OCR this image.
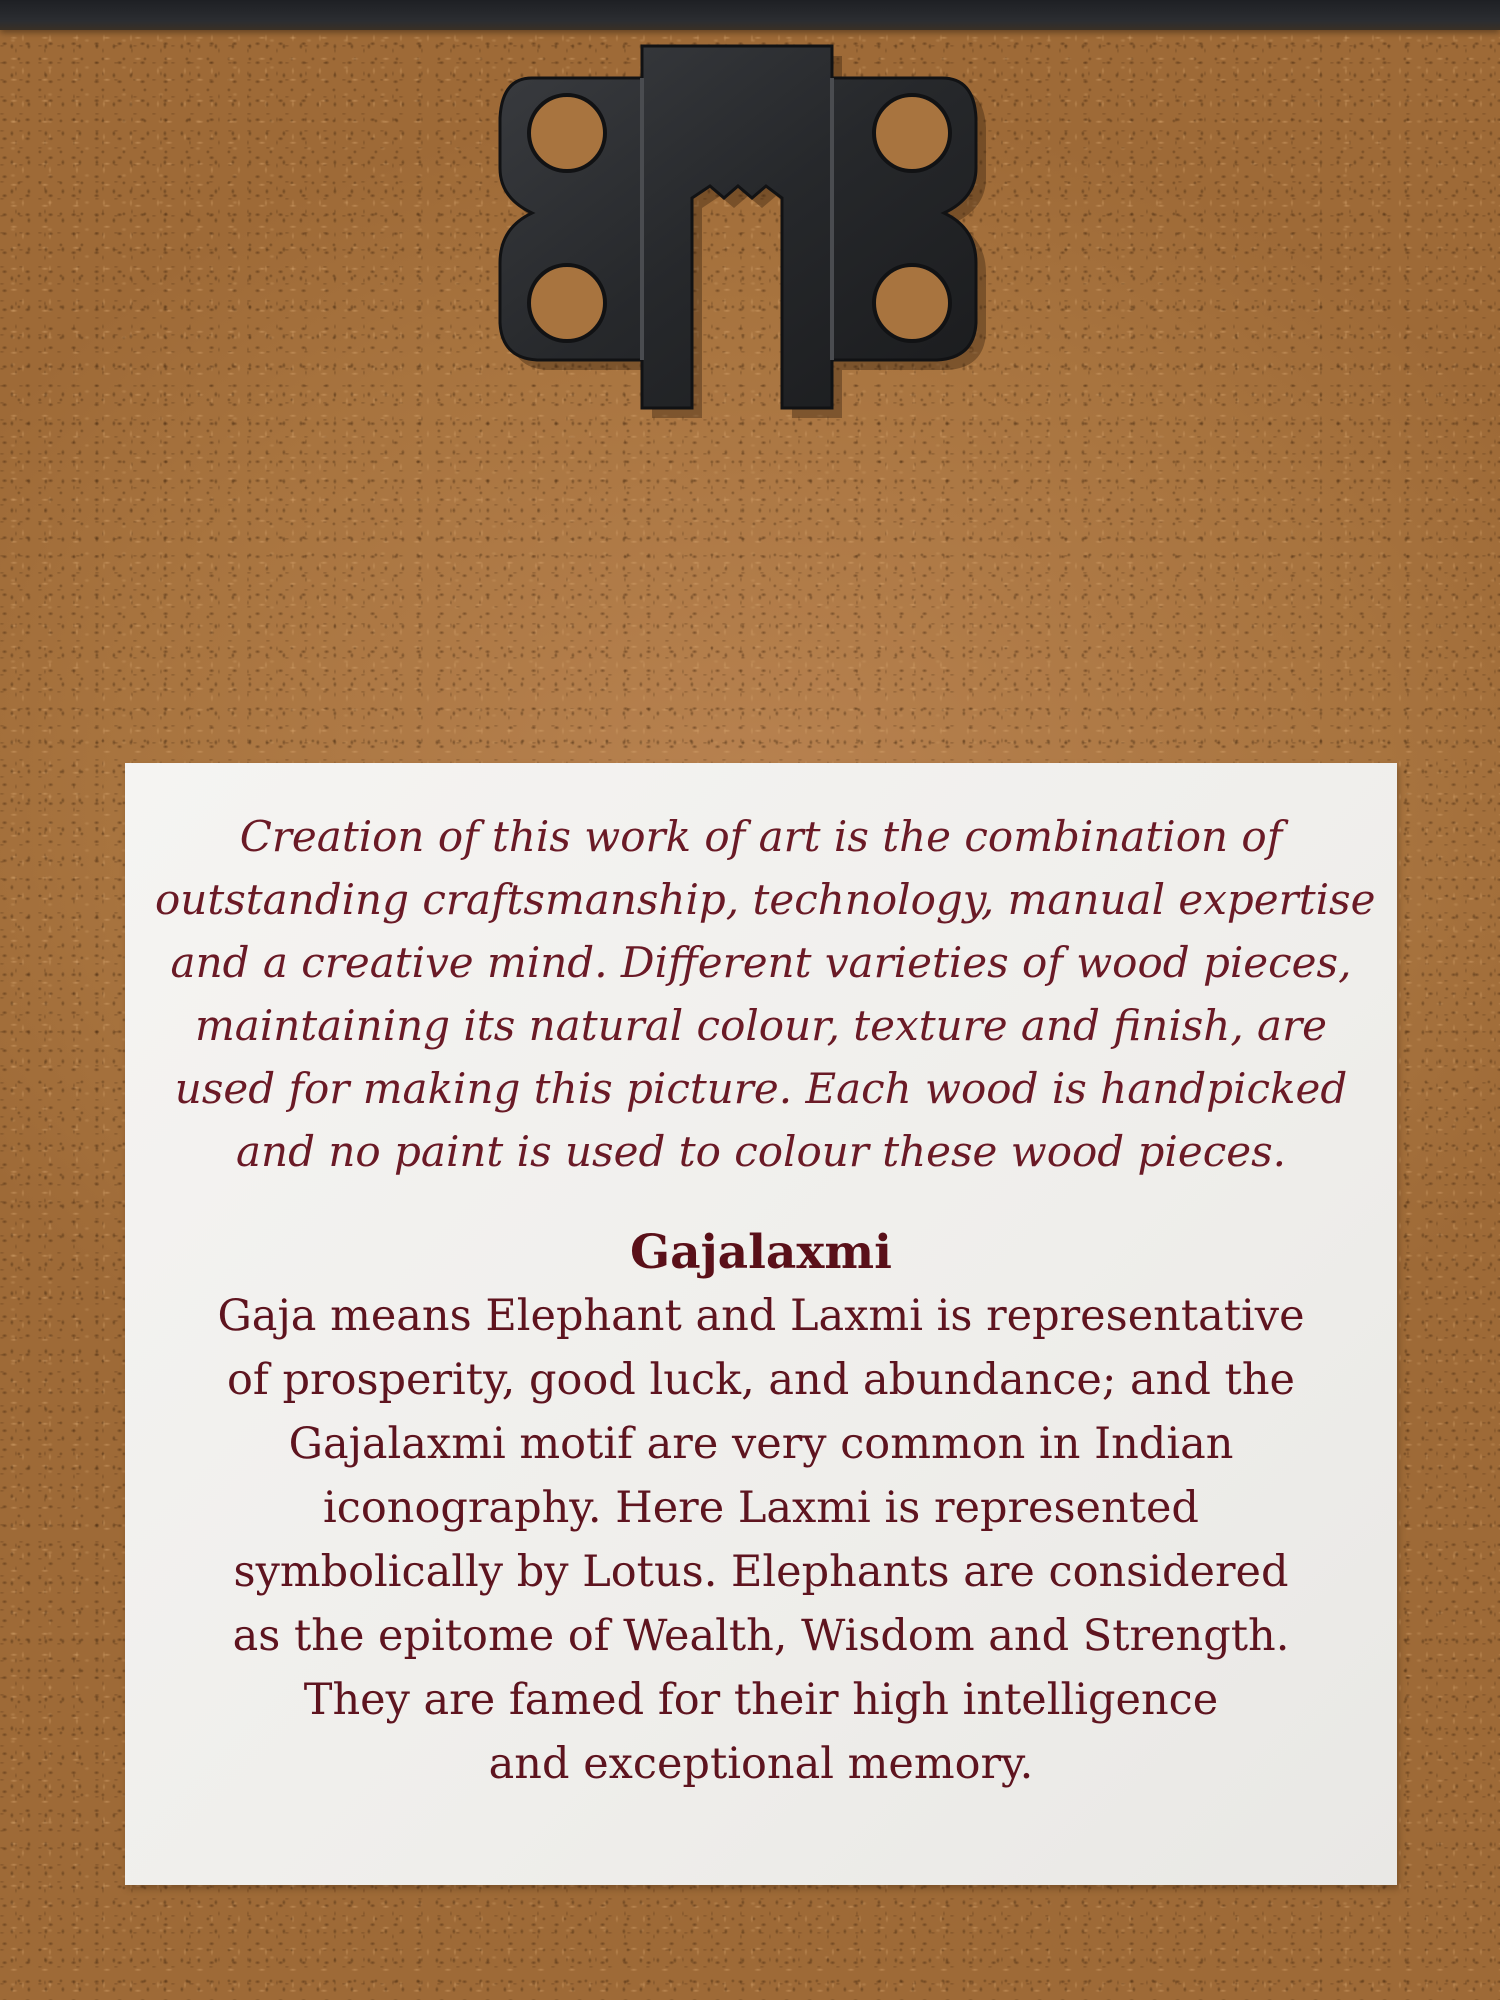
Creation of this work of art is the combination of
outstanding craftsmanship, technology, manual expertise
and a creative mind. Different varieties of wood pieces,
maintaining its natural colour, texture and finish, are
used for making this picture. Each wood is handpicked
and no paint is used to colour these wood pieces.
Gajalaxmi
Gaja means Elephant and Laxmi is representative
of prosperity, good luck, and abundance; and the
Gajalaxmi motif are very common in Indian
iconography. Here Laxmi is represented
symbolically by Lotus. Elephants are considered
as the epitome of Wealth, Wisdom and Strength.
They are famed for their high intelligence
and exceptional memory.
